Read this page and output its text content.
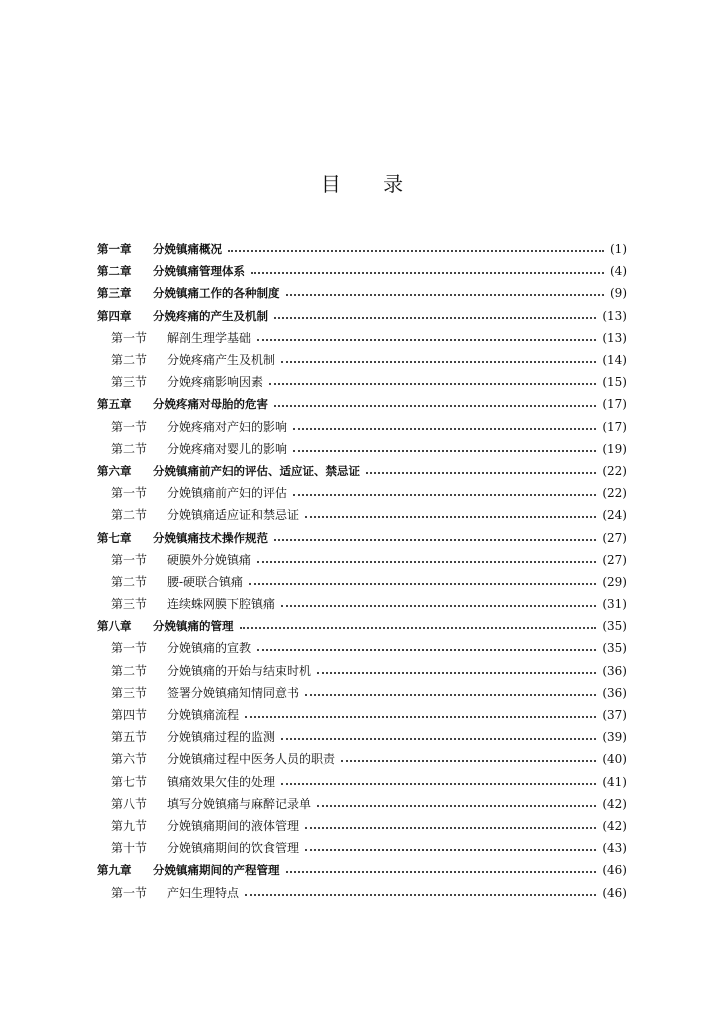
目 录
第一章	分娩镇痛概况	(1)
第二章	分娩镇痛管理体系	(4)
第三章	分娩镇痛工作的各种制度	(9)
第四章	分娩疼痛的产生及机制	(13)
第一节	解剖生理学基础	(13)
第二节	分娩疼痛产生及机制	(14)
第三节	分娩疼痛影响因素	(15)
第五章	分娩疼痛对母胎的危害	(17)
第一节	分娩疼痛对产妇的影响	(17)
第二节	分娩疼痛对婴儿的影响	(19)
第六章	分娩镇痛前产妇的评估、适应证、禁忌证	(22)
第一节	分娩镇痛前产妇的评估	(22)
第二节	分娩镇痛适应证和禁忌证	(24)
第七章	分娩镇痛技术操作规范	(27)
第一节	硬膜外分娩镇痛	(27)
第二节	腰-硬联合镇痛	(29)
第三节	连续蛛网膜下腔镇痛	(31)
第八章	分娩镇痛的管理	(35)
第一节	分娩镇痛的宣教	(35)
第二节	分娩镇痛的开始与结束时机	(36)
第三节	签署分娩镇痛知情同意书	(36)
第四节	分娩镇痛流程	(37)
第五节	分娩镇痛过程的监测	(39)
第六节	分娩镇痛过程中医务人员的职责	(40)
第七节	镇痛效果欠佳的处理	(41)
第八节	填写分娩镇痛与麻醉记录单	(42)
第九节	分娩镇痛期间的液体管理	(42)
第十节	分娩镇痛期间的饮食管理	(43)
第九章	分娩镇痛期间的产程管理	(46)
第一节	产妇生理特点	(46)
